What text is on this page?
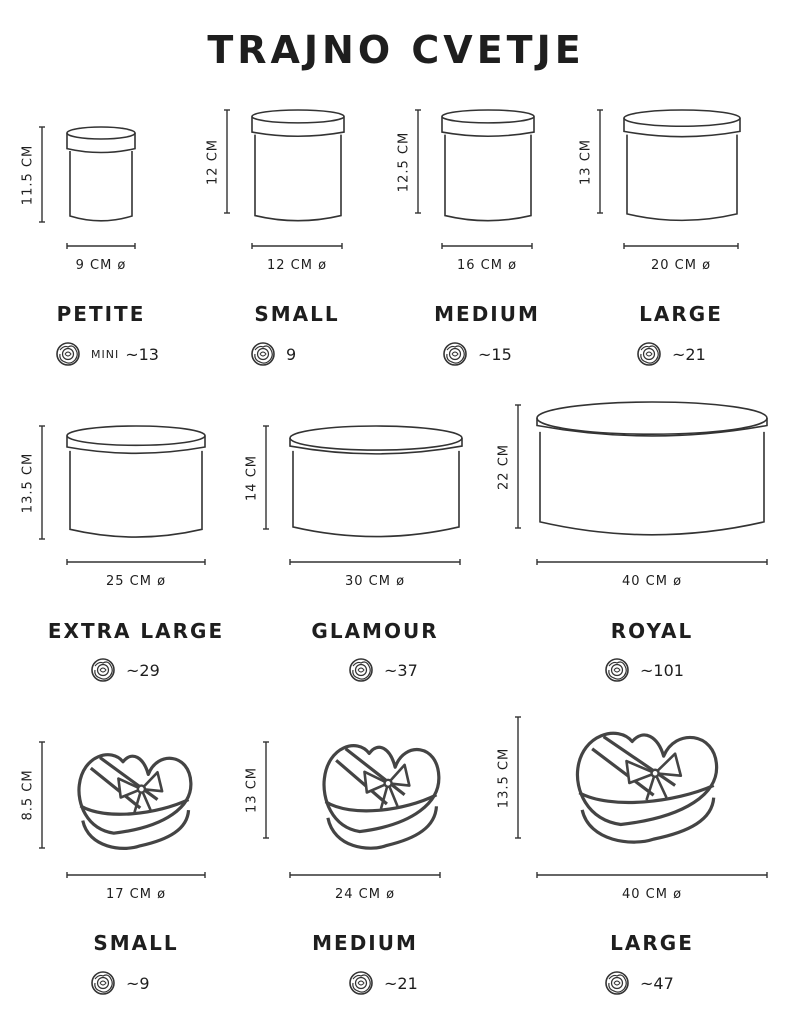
TRAJNO CVETJE
11.5 CM
9 CM ø
PETITE
MINI ~13
12 CM
12 CM ø
SMALL
9
12.5 CM
16 CM ø
MEDIUM
~15
13 CM
20 CM ø
LARGE
~21
13.5 CM
25 CM ø
EXTRA LARGE
~29
14 CM
30 CM ø
GLAMOUR
~37
22 CM
40 CM ø
ROYAL
~101
8.5 CM
17 CM ø
SMALL
~9
13 CM
24 CM ø
MEDIUM
~21
13.5 CM
40 CM ø
LARGE
~47
